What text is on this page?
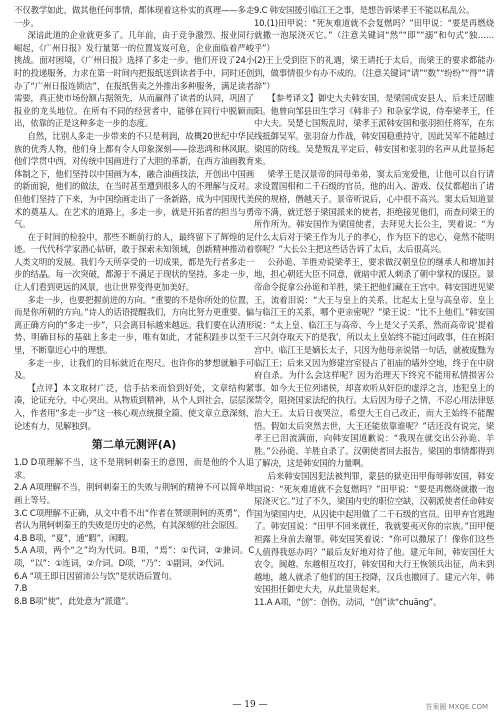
不仅教学如此，做其他任何事情，都体现着这朴实的真理——多走一步。

深谙此道的企业就更多了。几年前，由于竞争激烈、报业同行崛起，《广州日报》发行量第一的位置岌岌可危，企业面临着严峻挑战。面对困境，《广州日报》选择了多走一步。他们开设了24小时的投递服务，力求在第一时间内把报纸送到读者手中，同时还创办了“广州日报连锁店”，在报纸售卖之外推出多种服务，满足读者需要，真正使市场份额占据领先，从而赢得了读者的认同，巩固了报业的龙头地位。在所有不同的经营者中，能够在同行中脱颖而出，依靠的正是这种多走一步的态度。

自然，比别人多走一步带来的不只是利润，故概20世纪中华民族的优秀人物，他们身上都有令人印象深刻——徐悲鸿和林风眠。他们学贯中西，对传统中国画进行了大胆的革新，在西方油画教育体制之下，他们坚持以中国画为本，融合油画技法，开创出中国画的新面貌，他们的做法，在当时甚至遭到很多人的不理解与反对。但他们坚持了下来，为中国绘画走出了一条新路，成为中国现代美术的奠基人。在艺术的道路上，多走一步，就是开拓者的担当与勇气。

在于时间的检验中，那些不断前行的人，最终留下了辉煌的足迹。一代代科学家潜心钻研，敢于探索未知领域，创新精神推动着人类文明的发展。我们今天所享受的一切成果，都是先行者多走一步的结晶。每一次突破，都源于不满足于现状的坚持。多走一步，让人们看到更远的风景，也让世界变得更加美好。

多走一步，也要把握前进的方向。“重要的不是你所处的位置，而是你所朝的方向。”诗人的话语提醒我们，方向比努力更重要。偏离正确方向的“多走一步”，只会离目标越来越远。我们要在认清形势、明确目标的基础上多走一步，唯有如此，才能积跬步以至千里，不断靠近心中的理想。

多走一步，让我们的目标就近在咫尺。也许你的梦想就触手可及。

【点评】本文取材广泛，信手拈来而恰到好处，文章结构紧凑，论证充分，中心突出。从物质到精神，从个人到社会，层层深入，作者用“多走一步”这一核心观点统摄全篇，使文章立意深刻，论述有力，见解独到。

第二单元测评(A)

1.D D项理解不当，这不是荆轲刺秦王的意图，而是他的个人追求。

2.A A项理解不当，荆轲刺秦王的失败与荆轲的精神不可以简单地画上等号。

3.C C项理解不正确，从文中看不出“作者在赞颂荆轲的英勇”，作者认为荆轲刺秦王的失败是历史的必然，有其深刻的社会原因。

4.B B项，“夏”，通“暇”，闲暇。

5.A A项，两个“之”均为代词。B项，“焉”：①代词，②兼词。C项，“以”：①连词，②介词。D项，“乃”：①副词，②代词。

6.A “项王即日因留沛公与饮”是状语后置句。

7.B

8.B B项“使”，此处意为“派遣”。

9.C 韩安国援引临江王之事，是想告诉梁孝王不能以私乱公。

10.(1)田甲说：“死灰难道就不会复燃吗？”田甲说：“要是再燃烧就撒一泡尿浇灭它。”（注意关键词“然”“即”“溺”和句式“独……乎”）

(2)王上受到臣下的礼遇，梁王请托于太后，而梁王的要求都能办到，做事情很少有办不成的。（注意关键词“请”“数”“纷纷”“得”“请辞”）

【参考译文】御史大夫韩安国，是梁国成安县人，后来迁居睢阳。他曾向邹县田生学习《韩非子》和杂家学说，侍奉梁孝王，任中大夫。吴楚七国叛乱时，梁孝王派韩安国和张羽担任将军，在东线抵御吴军。张羽奋力作战，韩安国稳重持守，因此吴军不能越过梁国的防线。吴楚叛乱平定后，韩安国和张羽的名声从此显扬起来。

梁孝王是汉景帝的同母弟弟，窦太后宠爱他，让他可以自行请求设置国相和二千石级的官员，他的出入、游戏、仪仗都超出了诸侯的规格，僭越天子。景帝听说后，心中很不高兴。窦太后知道景帝不满，就迁怒于梁国派来的使者，拒绝接见他们，而查问梁王的所作所为。韩安国作为梁国使者，去拜见大长公主，哭着说：“为什么太后对于梁王作为儿子的孝心，作为臣下的忠心，竟然不能明察呢？”大长公主把这些话告诉了太后，太后很高兴。

公孙诡、羊胜劝说梁孝王，要求做汉朝皇位的继承人和增加封地，担心朝廷大臣不同意，就暗中派人刺杀了朝中掌权的谋臣。景帝命令捉拿公孙诡和羊胜，梁王把他们藏在王宫中。韩安国进见梁王，流着泪说：“大王与皇上的关系，比起太上皇与高皇帝、皇上与临江王的关系，哪个更亲密呢？”梁王说：“比不上他们。”韩安国说：“太上皇、临江王与高帝、今上是父子关系，然而高帝说‘提着三尺剑夺取天下的是我’，所以太上皇始终不能过问政事，住在栎阳宫中。临江王是嫡长太子，只因为他母亲说错一句话，就被废黜为临江王；后来又因为修建宫室侵占了祖庙的墙外空地，终于在中尉府自杀。为什么会这样呢？因为治理天下终究不能用私情损害公事。如今大王位列诸侯，却喜欢听从奸臣的虚浮之言，违犯皇上的禁令，阻挠国家法纪的执行。太后因为母子之情，不忍心用法律惩治大王。太后日夜哭泣，希望大王自己改正，而大王始终不能醒悟。假如太后突然去世，大王还能依靠谁呢？”话还没有说完，梁孝王已泪流满面，向韩安国道歉说：“我现在就交出公孙诡、羊胜。”公孙诡、羊胜自杀了。汉朝使者回去报告，梁国的事情都得到了解决，这是韩安国的力量啊。

后来韩安国因犯法被判罪，蒙县的狱吏田甲侮辱韩安国，韩安国说：“死灰难道就不会复燃吗？”田甲说：“要是再燃烧就撒一泡尿浇灭它。”过了不久，梁国内史的职位空缺，汉朝派使者任命韩安国为梁国内史，从囚徒中起用做了二千石级的官员。田甲弃官逃跑了。韩安国说：“田甲不回来就任，我就要夷灭你的宗族。”田甲便袒露上身前去谢罪。韩安国笑着说：“你可以撒尿了！像你们这些人值得我惩办吗？”最后友好地对待了他。建元年间，韩安国任大农令。闽越、东越相互攻打，韩安国和大行王恢领兵出征，尚未到越地，越人就杀了他们的国王投降，汉兵也撤回了。建元六年，韩安国担任御史大夫，从此显贵起来。

11.A A项，“创”：创伤，动词，“创”读“chuāng”。

— 19 —	答案圈 MXQE.COM
